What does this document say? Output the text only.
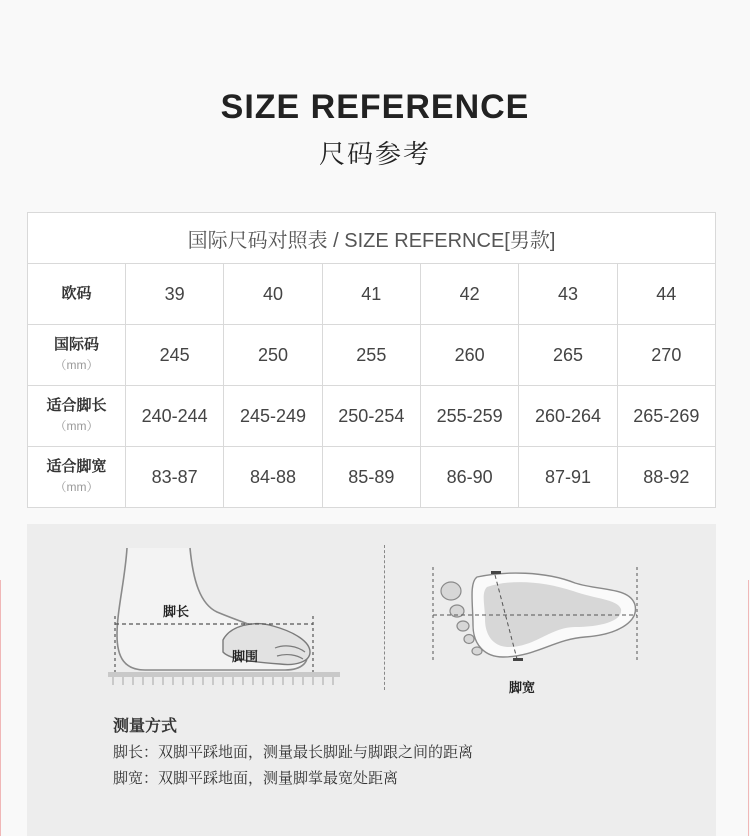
SIZE REFERENCE
尺码参考
国际尺码对照表 / SIZE REFERNCE[男款]						
欧码	39	40	41	42	43	44
国际码
（mm）	245	250	255	260	265	270
适合脚长
（mm）	240-244	245-249	250-254	255-259	260-264	265-269
适合脚宽
（mm）	83-87	84-88	85-89	86-90	87-91	88-92
脚长
脚围
脚宽
测量方式
脚长：双脚平踩地面，测量最长脚趾与脚跟之间的距离
脚宽：双脚平踩地面，测量脚掌最宽处距离
